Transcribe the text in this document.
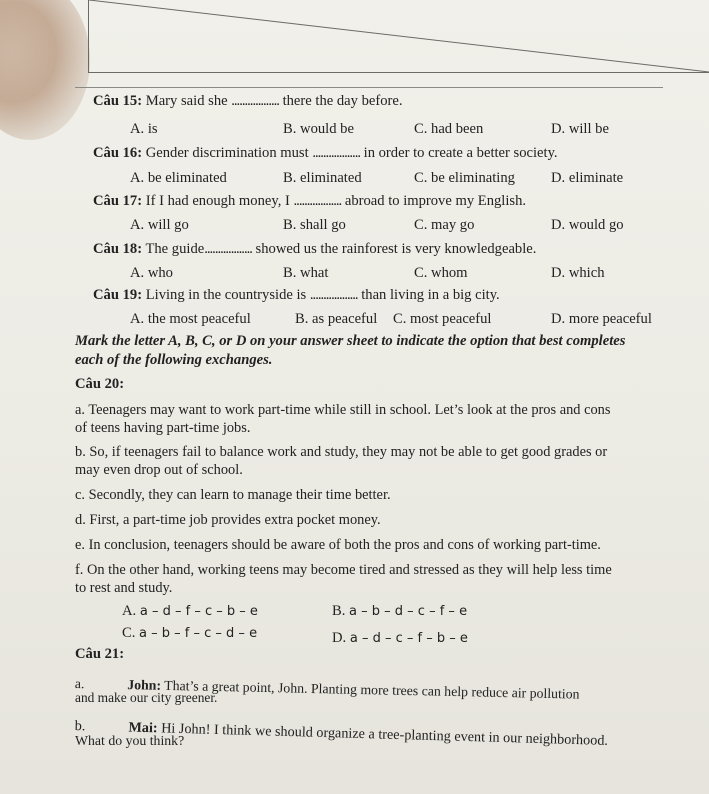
Câu 15: Mary said she .................. there the day before.
A. is	B. would be	C. had been	D. will be
Câu 16: Gender discrimination must .................. in order to create a better society.
A. be eliminated	B. eliminated	C. be eliminating D. eliminate
Câu 17: If I had enough money, I .................. abroad to improve my English.
A. will go	B. shall go	C. may go	D. would go
Câu 18: The guide.................. showed us the rainforest is very knowledgeable.
A. who	B. what	C. whom	D. which
Câu 19: Living in the countryside is .................. than living in a big city.
A. the most peaceful	B. as peaceful C. most peaceful	D. more peaceful
Mark the letter A, B, C, or D on your answer sheet to indicate the option that best completes
each of the following exchanges.
Câu 20:
a. Teenagers may want to work part-time while still in school. Let’s look at the pros and cons
of teens having part-time jobs.
b. So, if teenagers fail to balance work and study, they may not be able to get good grades or
may even drop out of school.
c. Secondly, they can learn to manage their time better.
d. First, a part-time job provides extra pocket money.
e. In conclusion, teenagers should be aware of both the pros and cons of working part-time.
f. On the other hand, working teens may become tired and stressed as they will help less time
to rest and study.
A. a – d – f – c – b – e	B. a – b – d – c – f – e
C. a – b – f – c – d – e	D. a – d – c – f – b – e
Câu 21:
a.	John: That’s a great point, John. Planting more trees can help reduce air pollution
and make our city greener.
b.	Mai: Hi John! I think we should organize a tree-planting event in our neighborhood.
What do you think?
